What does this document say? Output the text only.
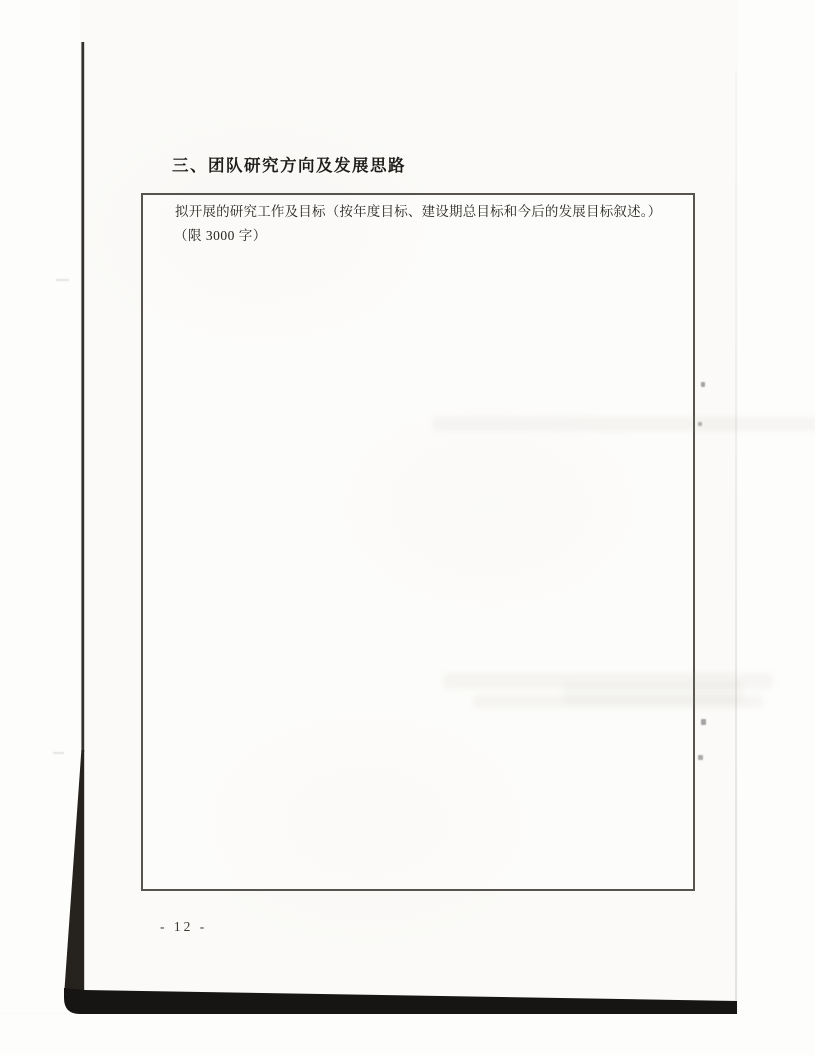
三、团队研究方向及发展思路
拟开展的研究工作及目标（按年度目标、建设期总目标和今后的发展目标叙述。）
（限 3000 字）
- 12 -
